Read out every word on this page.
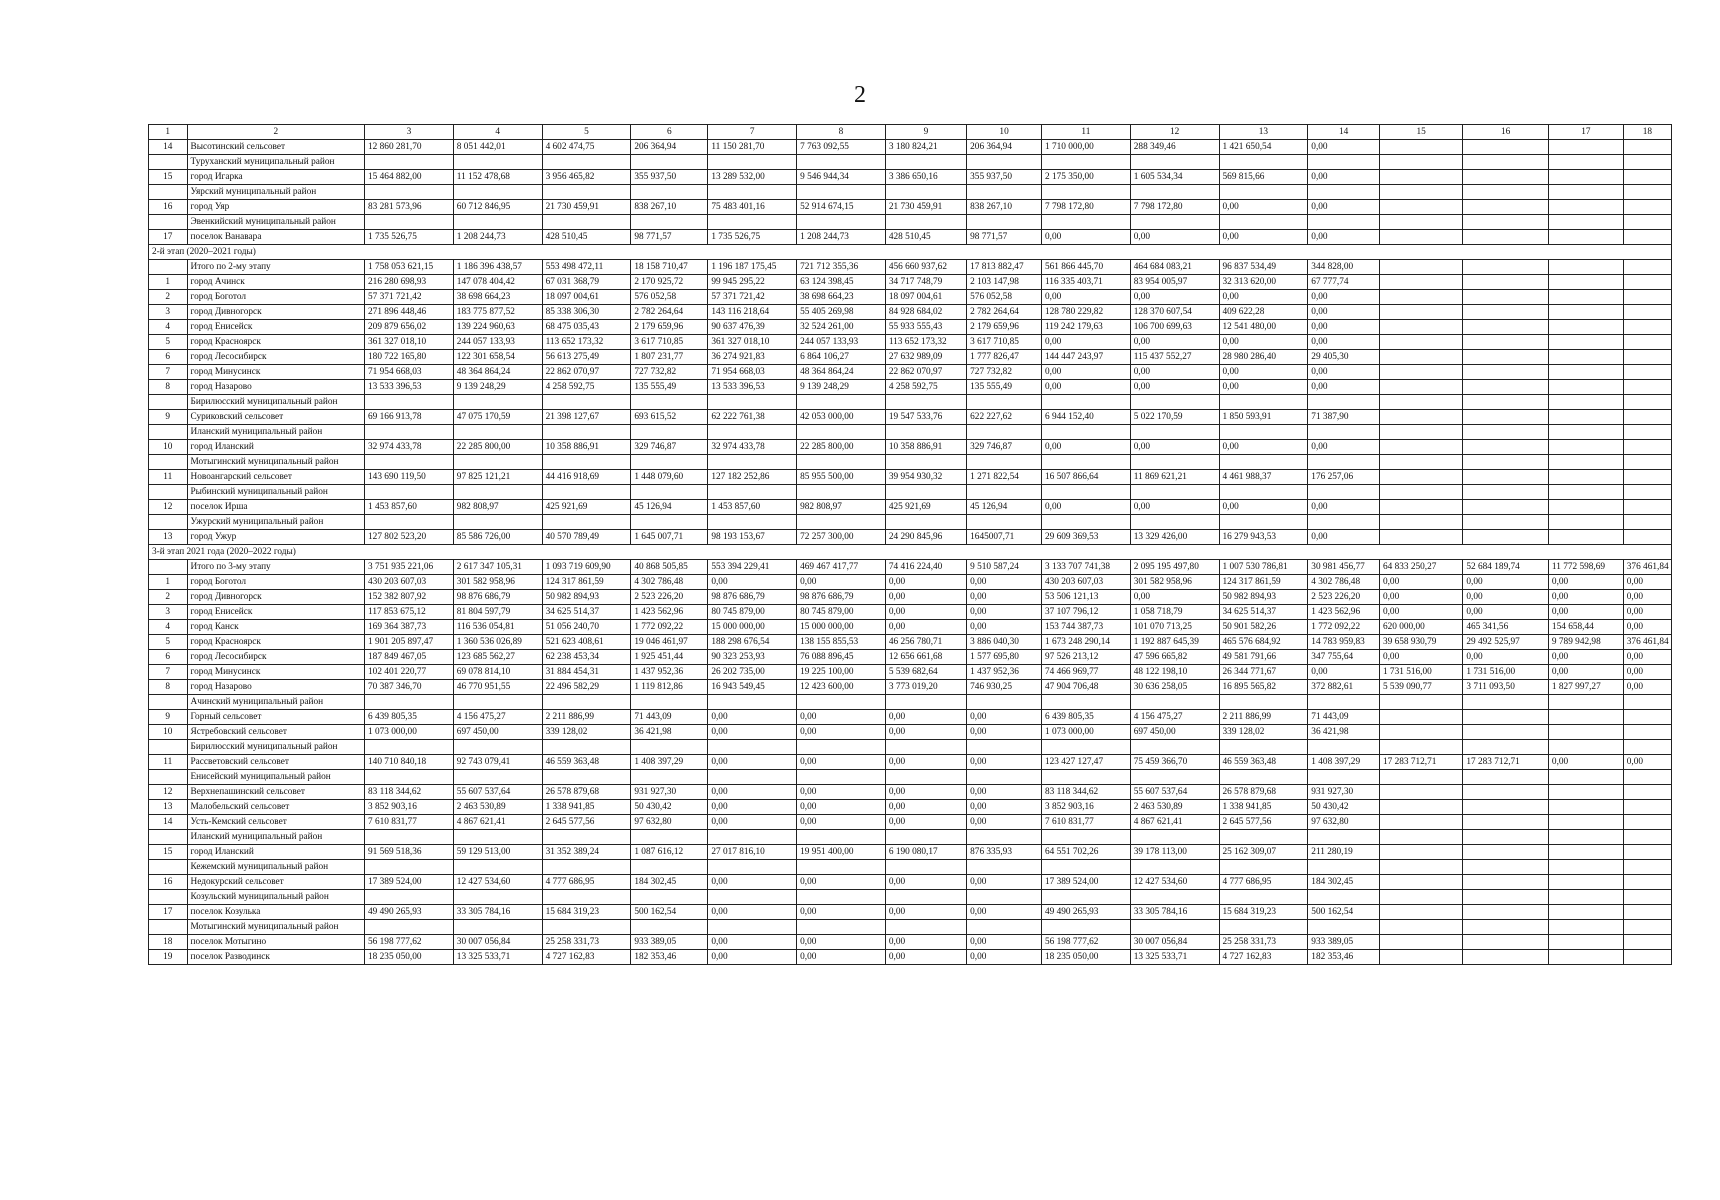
2
1	2	3	4	5	6	7	8	9	10	11	12	13	14	15	16	17	18
14	Высотинский сельсовет	12 860 281,70	8 051 442,01	4 602 474,75	206 364,94	11 150 281,70	7 763 092,55	3 180 824,21	206 364,94	1 710 000,00	288 349,46	1 421 650,54	0,00				
	Туруханский муниципальный район																
15	город Игарка	15 464 882,00	11 152 478,68	3 956 465,82	355 937,50	13 289 532,00	9 546 944,34	3 386 650,16	355 937,50	2 175 350,00	1 605 534,34	569 815,66	0,00				
	Уярский муниципальный район																
16	город Уяр	83 281 573,96	60 712 846,95	21 730 459,91	838 267,10	75 483 401,16	52 914 674,15	21 730 459,91	838 267,10	7 798 172,80	7 798 172,80	0,00	0,00				
	Эвенкийский муниципальный район																
17	поселок Ванавара	1 735 526,75	1 208 244,73	428 510,45	98 771,57	1 735 526,75	1 208 244,73	428 510,45	98 771,57	0,00	0,00	0,00	0,00				
2-й этап (2020–2021 годы)																	
	Итого по 2-му этапу	1 758 053 621,15	1 186 396 438,57	553 498 472,11	18 158 710,47	1 196 187 175,45	721 712 355,36	456 660 937,62	17 813 882,47	561 866 445,70	464 684 083,21	96 837 534,49	344 828,00				
1	город Ачинск	216 280 698,93	147 078 404,42	67 031 368,79	2 170 925,72	99 945 295,22	63 124 398,45	34 717 748,79	2 103 147,98	116 335 403,71	83 954 005,97	32 313 620,00	67 777,74				
2	город Боготол	57 371 721,42	38 698 664,23	18 097 004,61	576 052,58	57 371 721,42	38 698 664,23	18 097 004,61	576 052,58	0,00	0,00	0,00	0,00				
3	город Дивногорск	271 896 448,46	183 775 877,52	85 338 306,30	2 782 264,64	143 116 218,64	55 405 269,98	84 928 684,02	2 782 264,64	128 780 229,82	128 370 607,54	409 622,28	0,00				
4	город Енисейск	209 879 656,02	139 224 960,63	68 475 035,43	2 179 659,96	90 637 476,39	32 524 261,00	55 933 555,43	2 179 659,96	119 242 179,63	106 700 699,63	12 541 480,00	0,00				
5	город Красноярск	361 327 018,10	244 057 133,93	113 652 173,32	3 617 710,85	361 327 018,10	244 057 133,93	113 652 173,32	3 617 710,85	0,00	0,00	0,00	0,00				
6	город Лесосибирск	180 722 165,80	122 301 658,54	56 613 275,49	1 807 231,77	36 274 921,83	6 864 106,27	27 632 989,09	1 777 826,47	144 447 243,97	115 437 552,27	28 980 286,40	29 405,30				
7	город Минусинск	71 954 668,03	48 364 864,24	22 862 070,97	727 732,82	71 954 668,03	48 364 864,24	22 862 070,97	727 732,82	0,00	0,00	0,00	0,00				
8	город Назарово	13 533 396,53	9 139 248,29	4 258 592,75	135 555,49	13 533 396,53	9 139 248,29	4 258 592,75	135 555,49	0,00	0,00	0,00	0,00				
	Бирилюсский муниципальный район																
9	Суриковский сельсовет	69 166 913,78	47 075 170,59	21 398 127,67	693 615,52	62 222 761,38	42 053 000,00	19 547 533,76	622 227,62	6 944 152,40	5 022 170,59	1 850 593,91	71 387,90				
	Иланский муниципальный район																
10	город Иланский	32 974 433,78	22 285 800,00	10 358 886,91	329 746,87	32 974 433,78	22 285 800,00	10 358 886,91	329 746,87	0,00	0,00	0,00	0,00				
	Мотыгинский муниципальный район																
11	Новоангарский сельсовет	143 690 119,50	97 825 121,21	44 416 918,69	1 448 079,60	127 182 252,86	85 955 500,00	39 954 930,32	1 271 822,54	16 507 866,64	11 869 621,21	4 461 988,37	176 257,06				
	Рыбинский муниципальный район																
12	поселок Ирша	1 453 857,60	982 808,97	425 921,69	45 126,94	1 453 857,60	982 808,97	425 921,69	45 126,94	0,00	0,00	0,00	0,00				
	Ужурский муниципальный район																
13	город Ужур	127 802 523,20	85 586 726,00	40 570 789,49	1 645 007,71	98 193 153,67	72 257 300,00	24 290 845,96	1645007,71	29 609 369,53	13 329 426,00	16 279 943,53	0,00				
3-й этап 2021 года (2020–2022 годы)																	
	Итого по 3-му этапу	3 751 935 221,06	2 617 347 105,31	1 093 719 609,90	40 868 505,85	553 394 229,41	469 467 417,77	74 416 224,40	9 510 587,24	3 133 707 741,38	2 095 195 497,80	1 007 530 786,81	30 981 456,77	64 833 250,27	52 684 189,74	11 772 598,69	376 461,84
1	город Боготол	430 203 607,03	301 582 958,96	124 317 861,59	4 302 786,48	0,00	0,00	0,00	0,00	430 203 607,03	301 582 958,96	124 317 861,59	4 302 786,48	0,00	0,00	0,00	0,00
2	город Дивногорск	152 382 807,92	98 876 686,79	50 982 894,93	2 523 226,20	98 876 686,79	98 876 686,79	0,00	0,00	53 506 121,13	0,00	50 982 894,93	2 523 226,20	0,00	0,00	0,00	0,00
3	город Енисейск	117 853 675,12	81 804 597,79	34 625 514,37	1 423 562,96	80 745 879,00	80 745 879,00	0,00	0,00	37 107 796,12	1 058 718,79	34 625 514,37	1 423 562,96	0,00	0,00	0,00	0,00
4	город Канск	169 364 387,73	116 536 054,81	51 056 240,70	1 772 092,22	15 000 000,00	15 000 000,00	0,00	0,00	153 744 387,73	101 070 713,25	50 901 582,26	1 772 092,22	620 000,00	465 341,56	154 658,44	0,00
5	город Красноярск	1 901 205 897,47	1 360 536 026,89	521 623 408,61	19 046 461,97	188 298 676,54	138 155 855,53	46 256 780,71	3 886 040,30	1 673 248 290,14	1 192 887 645,39	465 576 684,92	14 783 959,83	39 658 930,79	29 492 525,97	9 789 942,98	376 461,84
6	город Лесосибирск	187 849 467,05	123 685 562,27	62 238 453,34	1 925 451,44	90 323 253,93	76 088 896,45	12 656 661,68	1 577 695,80	97 526 213,12	47 596 665,82	49 581 791,66	347 755,64	0,00	0,00	0,00	0,00
7	город Минусинск	102 401 220,77	69 078 814,10	31 884 454,31	1 437 952,36	26 202 735,00	19 225 100,00	5 539 682,64	1 437 952,36	74 466 969,77	48 122 198,10	26 344 771,67	0,00	1 731 516,00	1 731 516,00	0,00	0,00
8	город Назарово	70 387 346,70	46 770 951,55	22 496 582,29	1 119 812,86	16 943 549,45	12 423 600,00	3 773 019,20	746 930,25	47 904 706,48	30 636 258,05	16 895 565,82	372 882,61	5 539 090,77	3 711 093,50	1 827 997,27	0,00
	Ачинский муниципальный район																
9	Горный сельсовет	6 439 805,35	4 156 475,27	2 211 886,99	71 443,09	0,00	0,00	0,00	0,00	6 439 805,35	4 156 475,27	2 211 886,99	71 443,09				
10	Ястребовский сельсовет	1 073 000,00	697 450,00	339 128,02	36 421,98	0,00	0,00	0,00	0,00	1 073 000,00	697 450,00	339 128,02	36 421,98				
	Бирилюсский муниципальный район																
11	Рассветовский сельсовет	140 710 840,18	92 743 079,41	46 559 363,48	1 408 397,29	0,00	0,00	0,00	0,00	123 427 127,47	75 459 366,70	46 559 363,48	1 408 397,29	17 283 712,71	17 283 712,71	0,00	0,00
	Енисейский муниципальный район																
12	Верхнепашинский сельсовет	83 118 344,62	55 607 537,64	26 578 879,68	931 927,30	0,00	0,00	0,00	0,00	83 118 344,62	55 607 537,64	26 578 879,68	931 927,30				
13	Малобельский сельсовет	3 852 903,16	2 463 530,89	1 338 941,85	50 430,42	0,00	0,00	0,00	0,00	3 852 903,16	2 463 530,89	1 338 941,85	50 430,42				
14	Усть-Кемский сельсовет	7 610 831,77	4 867 621,41	2 645 577,56	97 632,80	0,00	0,00	0,00	0,00	7 610 831,77	4 867 621,41	2 645 577,56	97 632,80				
	Иланский муниципальный район																
15	город Иланский	91 569 518,36	59 129 513,00	31 352 389,24	1 087 616,12	27 017 816,10	19 951 400,00	6 190 080,17	876 335,93	64 551 702,26	39 178 113,00	25 162 309,07	211 280,19				
	Кежемский муниципальный район																
16	Недокурский сельсовет	17 389 524,00	12 427 534,60	4 777 686,95	184 302,45	0,00	0,00	0,00	0,00	17 389 524,00	12 427 534,60	4 777 686,95	184 302,45				
	Козульский муниципальный район																
17	поселок Козулька	49 490 265,93	33 305 784,16	15 684 319,23	500 162,54	0,00	0,00	0,00	0,00	49 490 265,93	33 305 784,16	15 684 319,23	500 162,54				
	Мотыгинский муниципальный район																
18	поселок Мотыгино	56 198 777,62	30 007 056,84	25 258 331,73	933 389,05	0,00	0,00	0,00	0,00	56 198 777,62	30 007 056,84	25 258 331,73	933 389,05				
19	поселок Разводинск	18 235 050,00	13 325 533,71	4 727 162,83	182 353,46	0,00	0,00	0,00	0,00	18 235 050,00	13 325 533,71	4 727 162,83	182 353,46				
